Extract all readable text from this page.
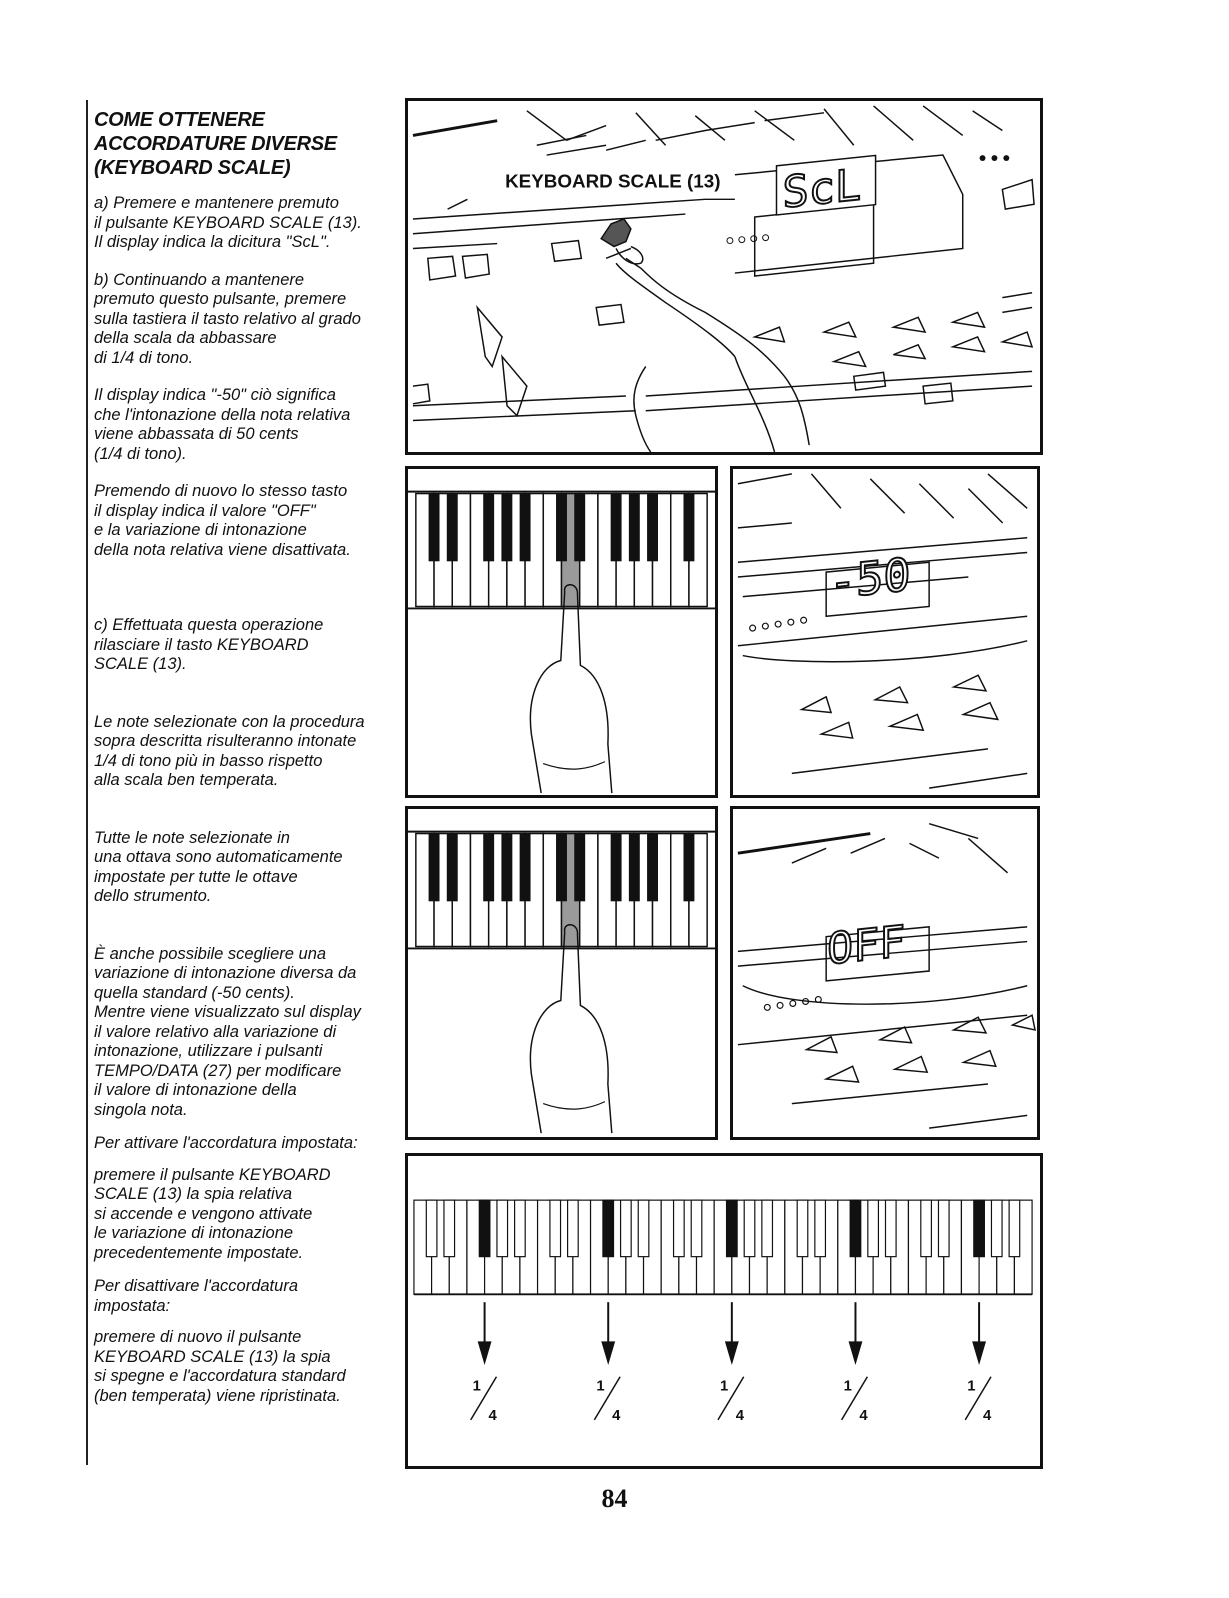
COME OTTENERE
ACCORDATURE DIVERSE
(KEYBOARD SCALE)
a) Premere e mantenere premuto
il pulsante KEYBOARD SCALE (13).
Il display indica la dicitura "ScL".
b) Continuando a mantenere
premuto questo pulsante, premere
sulla tastiera il tasto relativo al grado
della scala da abbassare
di 1/4 di tono.
Il display indica "-50" ciò significa
che l'intonazione della nota relativa
viene abbassata di 50 cents
(1/4 di tono).
Premendo di nuovo lo stesso tasto
il display indica il valore "OFF"
e la variazione di intonazione
della nota relativa viene disattivata.
c) Effettuata questa operazione
rilasciare il tasto KEYBOARD
SCALE (13).
Le note selezionate con la procedura
sopra descritta risulteranno intonate
1/4 di tono più in basso rispetto
alla scala ben temperata.
Tutte le note selezionate in
una ottava sono automaticamente
impostate per tutte le ottave
dello strumento.
È anche possibile scegliere una
variazione di intonazione diversa da
quella standard (-50 cents).
Mentre viene visualizzato sul display
il valore relativo alla variazione di
intonazione, utilizzare i pulsanti
TEMPO/DATA (27) per modificare
il valore di intonazione della
singola nota.
Per attivare l'accordatura impostata:
premere il pulsante KEYBOARD
SCALE (13) la spia relativa
si accende e vengono attivate
le variazione di intonazione
precedentemente impostate.
Per disattivare l'accordatura
impostata:
premere di nuovo il pulsante
KEYBOARD SCALE (13) la spia
si spegne e l'accordatura standard
(ben temperata) viene ripristinata.
KEYBOARD SCALE (13) ScL
-50
OFF
1
4
1
4
1
4
1
4
1
4
84
